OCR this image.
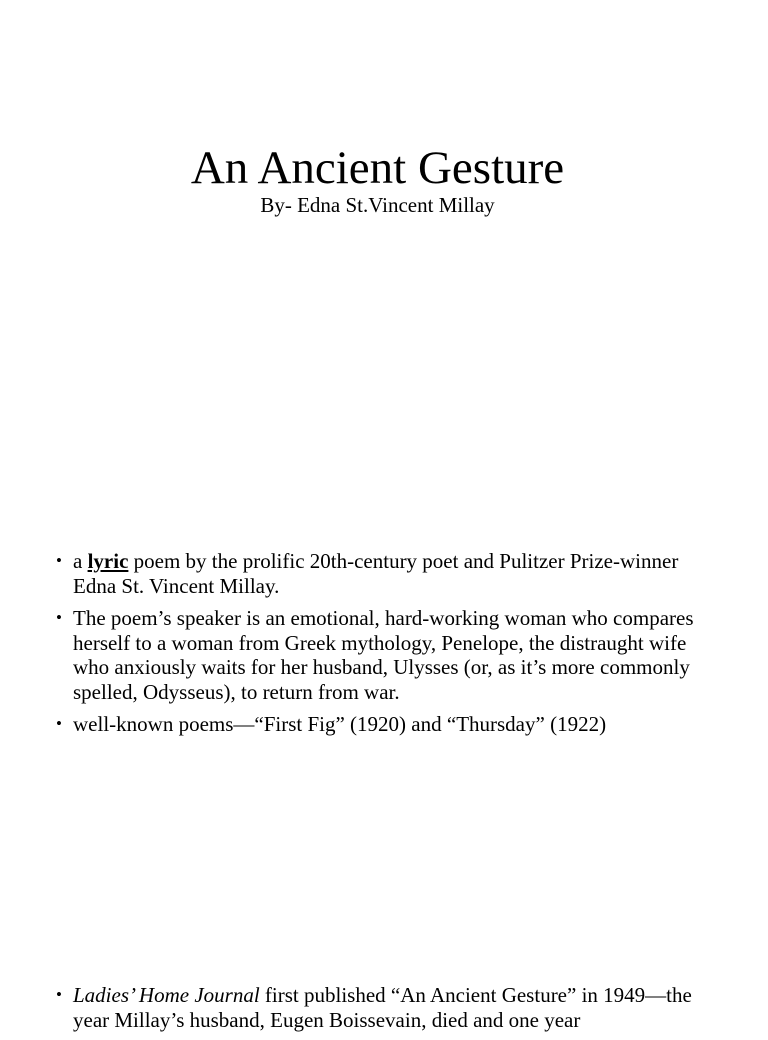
An Ancient Gesture
By- Edna St.Vincent Millay
• a lyric poem by the prolific 20th-century poet and Pulitzer Prize-winner Edna St. Vincent Millay.
• The poem’s speaker is an emotional, hard-working woman who compares herself to a woman from Greek mythology, Penelope, the distraught wife who anxiously waits for her husband, Ulysses (or, as it’s more commonly spelled, Odysseus), to return from war.
• well-known poems—“First Fig” (1920) and “Thursday” (1922)
• Ladies’ Home Journal first published “An Ancient Gesture” in 1949—the year Millay’s husband, Eugen Boissevain, died and one year
